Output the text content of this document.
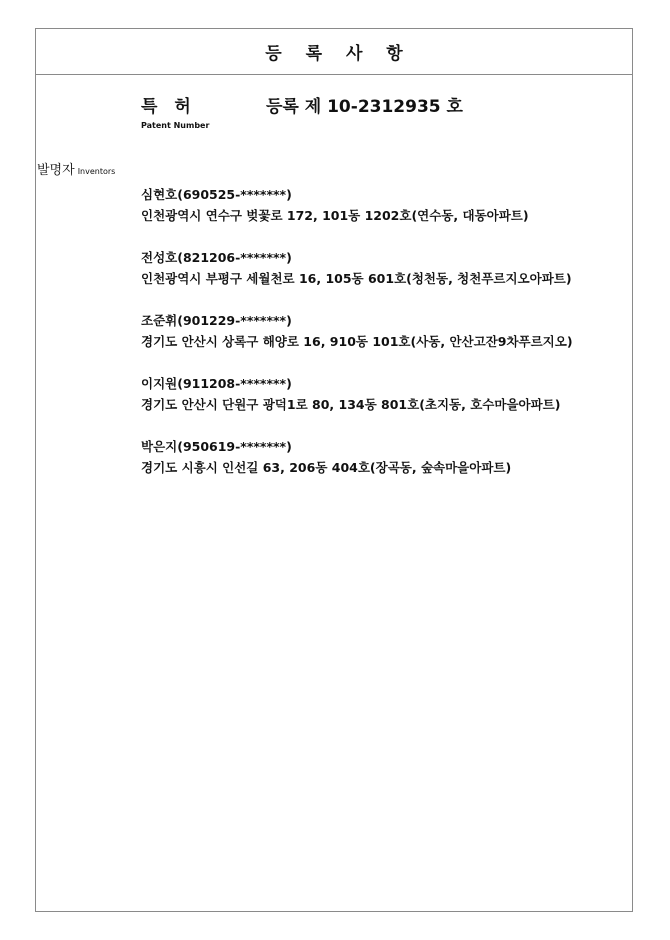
등 록 사 항
특허	등록 제 10-2312935 호
Patent Number
발명자 Inventors
심현호(690525-*******)
인천광역시 연수구 벚꽃로 172, 101동 1202호(연수동, 대동아파트)
전성호(821206-*******)
인천광역시 부평구 세월천로 16, 105동 601호(청천동, 청천푸르지오아파트)
조준휘(901229-*******)
경기도 안산시 상록구 해양로 16, 910동 101호(사동, 안산고잔9차푸르지오)
이지원(911208-*******)
경기도 안산시 단원구 광덕1로 80, 134동 801호(초지동, 호수마을아파트)
박은지(950619-*******)
경기도 시흥시 인선길 63, 206동 404호(장곡동, 숲속마을아파트)
